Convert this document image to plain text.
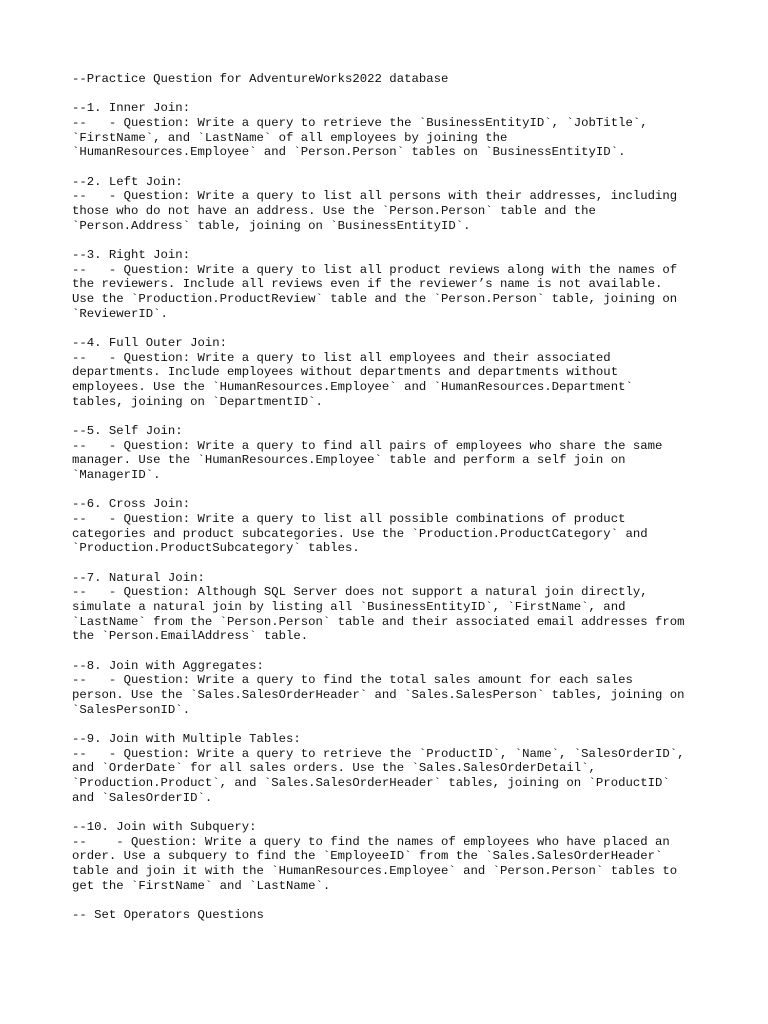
--Practice Question for AdventureWorks2022 database

--1. Inner Join:

--   - Question: Write a query to retrieve the `BusinessEntityID`, `JobTitle`,

`FirstName`, and `LastName` of all employees by joining the

`HumanResources.Employee` and `Person.Person` tables on `BusinessEntityID`.

--2. Left Join:

--   - Question: Write a query to list all persons with their addresses, including

those who do not have an address. Use the `Person.Person` table and the

`Person.Address` table, joining on `BusinessEntityID`.

--3. Right Join:

--   - Question: Write a query to list all product reviews along with the names of

the reviewers. Include all reviews even if the reviewer’s name is not available.

Use the `Production.ProductReview` table and the `Person.Person` table, joining on

`ReviewerID`.

--4. Full Outer Join:

--   - Question: Write a query to list all employees and their associated

departments. Include employees without departments and departments without

employees. Use the `HumanResources.Employee` and `HumanResources.Department`

tables, joining on `DepartmentID`.

--5. Self Join:

--   - Question: Write a query to find all pairs of employees who share the same

manager. Use the `HumanResources.Employee` table and perform a self join on

`ManagerID`.

--6. Cross Join:

--   - Question: Write a query to list all possible combinations of product

categories and product subcategories. Use the `Production.ProductCategory` and

`Production.ProductSubcategory` tables.

--7. Natural Join:

--   - Question: Although SQL Server does not support a natural join directly,

simulate a natural join by listing all `BusinessEntityID`, `FirstName`, and

`LastName` from the `Person.Person` table and their associated email addresses from

the `Person.EmailAddress` table.

--8. Join with Aggregates:

--   - Question: Write a query to find the total sales amount for each sales

person. Use the `Sales.SalesOrderHeader` and `Sales.SalesPerson` tables, joining on

`SalesPersonID`.

--9. Join with Multiple Tables:

--   - Question: Write a query to retrieve the `ProductID`, `Name`, `SalesOrderID`,

and `OrderDate` for all sales orders. Use the `Sales.SalesOrderDetail`,

`Production.Product`, and `Sales.SalesOrderHeader` tables, joining on `ProductID`

and `SalesOrderID`.

--10. Join with Subquery:

--    - Question: Write a query to find the names of employees who have placed an

order. Use a subquery to find the `EmployeeID` from the `Sales.SalesOrderHeader`

table and join it with the `HumanResources.Employee` and `Person.Person` tables to

get the `FirstName` and `LastName`.

-- Set Operators Questions
